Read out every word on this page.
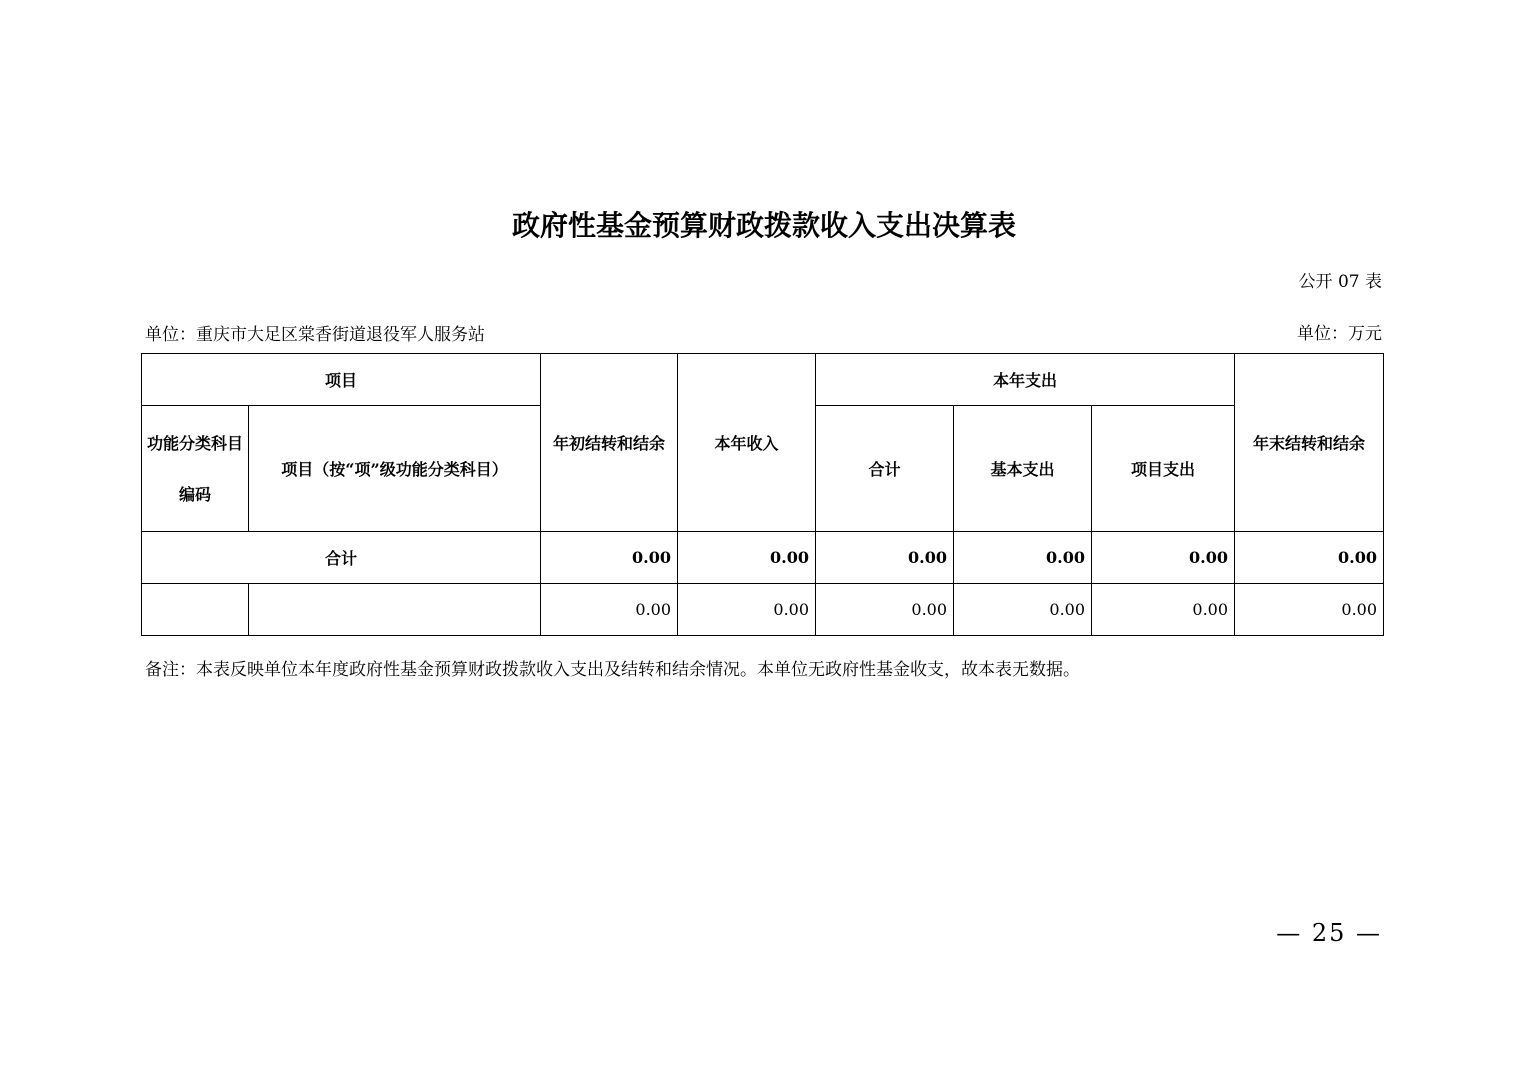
政府性基金预算财政拨款收入支出决算表
公开 07 表
单位：重庆市大足区棠香街道退役军人服务站	单位：万元
项目		年初结转和结余	本年收入	本年支出			年末结转和结余
功能分类科目编码	项目（按“项”级功能分类科目）			合计	基本支出	项目支出	
合计		0.00	0.00	0.00	0.00	0.00	0.00
		0.00	0.00	0.00	0.00	0.00	0.00
备注：本表反映单位本年度政府性基金预算财政拨款收入支出及结转和结余情况。本单位无政府性基金收支，故本表无数据。
— 25 —
